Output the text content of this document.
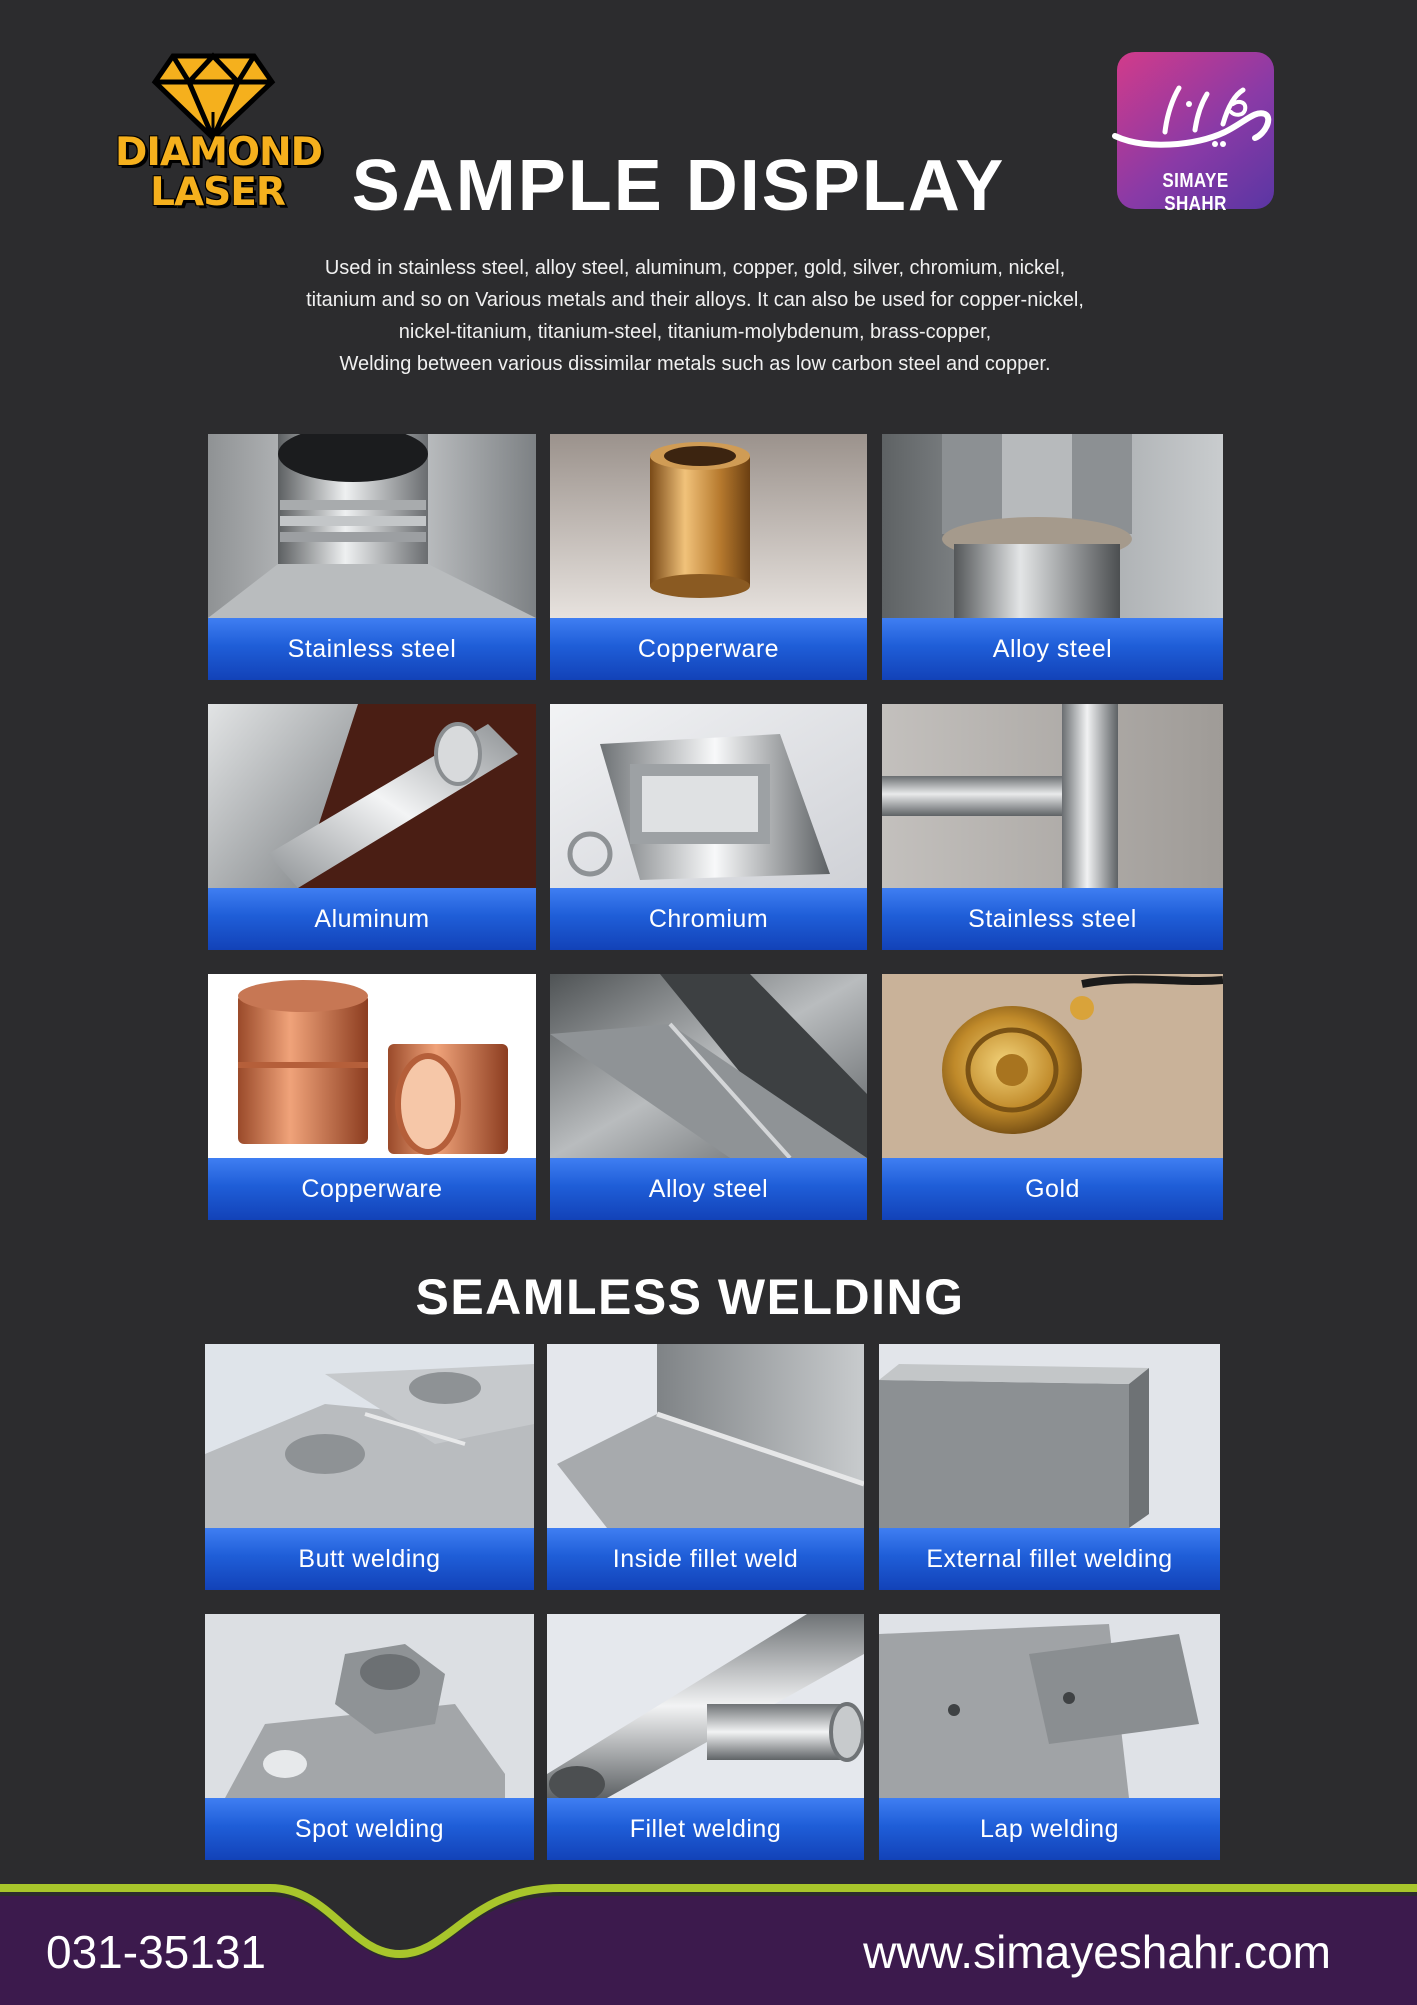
DIAMOND
LASER	SIMAYE SHAHR
SAMPLE DISPLAY
Used in stainless steel, alloy steel, aluminum, copper, gold, silver, chromium, nickel,
titanium and so on Various metals and their alloys. It can also be used for copper-nickel,
nickel-titanium, titanium-steel, titanium-molybdenum, brass-copper,
Welding between various dissimilar metals such as low carbon steel and copper.
Stainless steel	Copperware	Alloy steel
Aluminum	Chromium	Stainless steel
Copperware	Alloy steel	Gold
SEAMLESS WELDING
Butt welding	Inside fillet weld	External fillet welding
Spot welding	Fillet welding	Lap welding
031-35131	www.simayeshahr.com
